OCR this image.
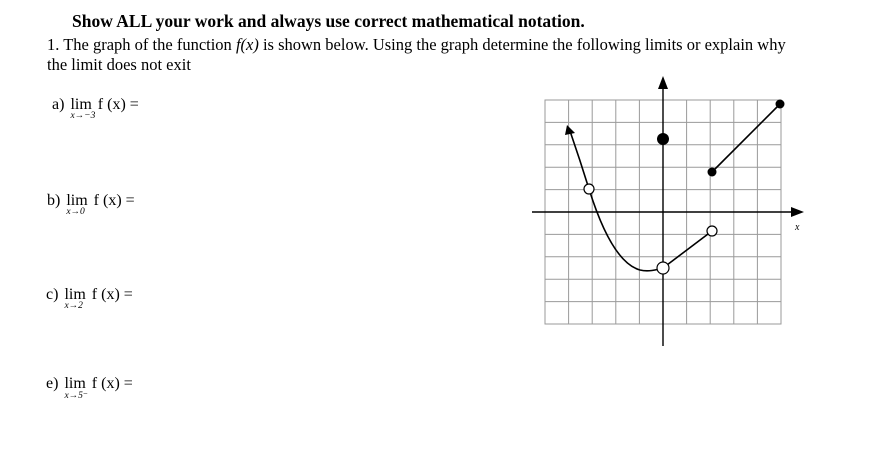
Show ALL your work and always use correct mathematical notation.
1. The graph of the function f(x) is shown below. Using the graph determine the following limits or explain why
the limit does not exit
a) lim
x→−3
f (x) =
b) lim
x→0
f (x) =
c) lim
x→2
f (x) =
e) lim
x→5⁻
f (x) =
x
